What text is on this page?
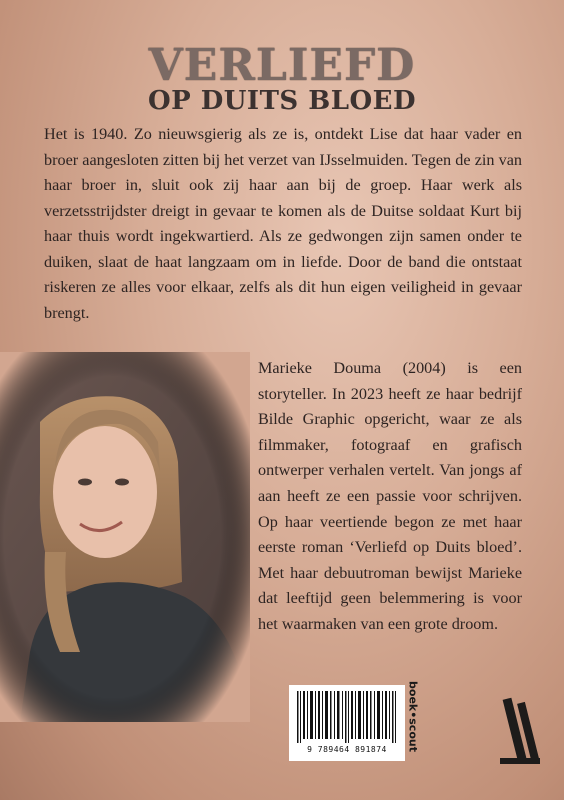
VERLIEFD
OP DUITS BLOED

Het is 1940. Zo nieuwsgierig als ze is, ontdekt Lise dat haar vader en broer aangesloten zitten bij het verzet van IJsselmuiden. Tegen de zin van haar broer in, sluit ook zij haar aan bij de groep. Haar werk als verzetsstrijdster dreigt in gevaar te komen als de Duitse soldaat Kurt bij haar thuis wordt ingekwartierd. Als ze gedwongen zijn samen onder te duiken, slaat de haat langzaam om in liefde. Door de band die ontstaat riskeren ze alles voor elkaar, zelfs als dit hun eigen veiligheid in gevaar brengt.

Marieke Douma (2004) is een storyteller. In 2023 heeft ze haar bedrijf Bilde Graphic opgericht, waar ze als filmmaker, fotograaf en grafisch ontwerper verhalen vertelt. Van jongs af aan heeft ze een passie voor schrijven. Op haar veertiende begon ze met haar eerste roman ‘Verliefd op Duits bloed’. Met haar debuutroman bewijst Marieke dat leeftijd geen belemmering is voor het waarmaken van een grote droom.

9 789464 891874	boek•scout
